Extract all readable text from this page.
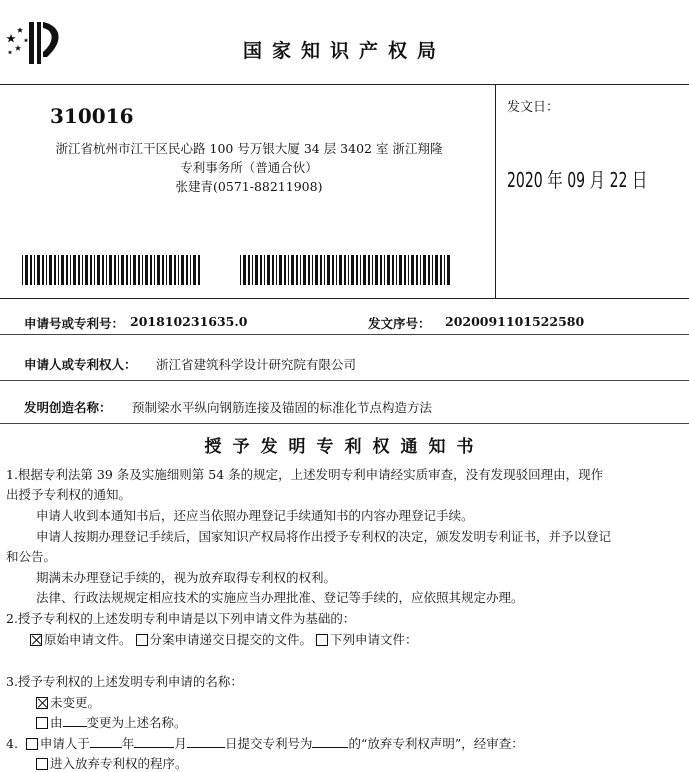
国家知识产权局
310016
浙江省杭州市江干区民心路 100 号万银大厦 34 层 3402 室 浙江翔隆
专利事务所（普通合伙）
张建青(0571-88211908)
发文日：
2020 年 09 月 22 日
申请号或专利号： 201810231635.0	发文序号： 2020091101522580
申请人或专利权人： 浙江省建筑科学设计研究院有限公司
发明创造名称： 预制梁水平纵向钢筋连接及锚固的标准化节点构造方法
授予发明专利权通知书
1.根据专利法第 39 条及实施细则第 54 条的规定，上述发明专利申请经实质审查，没有发现驳回理由，现作
出授予专利权的通知。
申请人收到本通知书后，还应当依照办理登记手续通知书的内容办理登记手续。
申请人按期办理登记手续后，国家知识产权局将作出授予专利权的决定，颁发发明专利证书，并予以登记
和公告。
期满未办理登记手续的，视为放弃取得专利权的权利。
法律、行政法规规定相应技术的实施应当办理批准、登记等手续的，应依照其规定办理。
2.授予专利权的上述发明专利申请是以下列申请文件为基础的：
原始申请文件。 分案申请递交日提交的文件。 下列申请文件：
3.授予专利权的上述发明专利申请的名称：
未变更。
由 变更为上述名称。
4. 申请人于	年	月	日提交专利号为	的“放弃专利权声明”，经审查：
进入放弃专利权的程序。
